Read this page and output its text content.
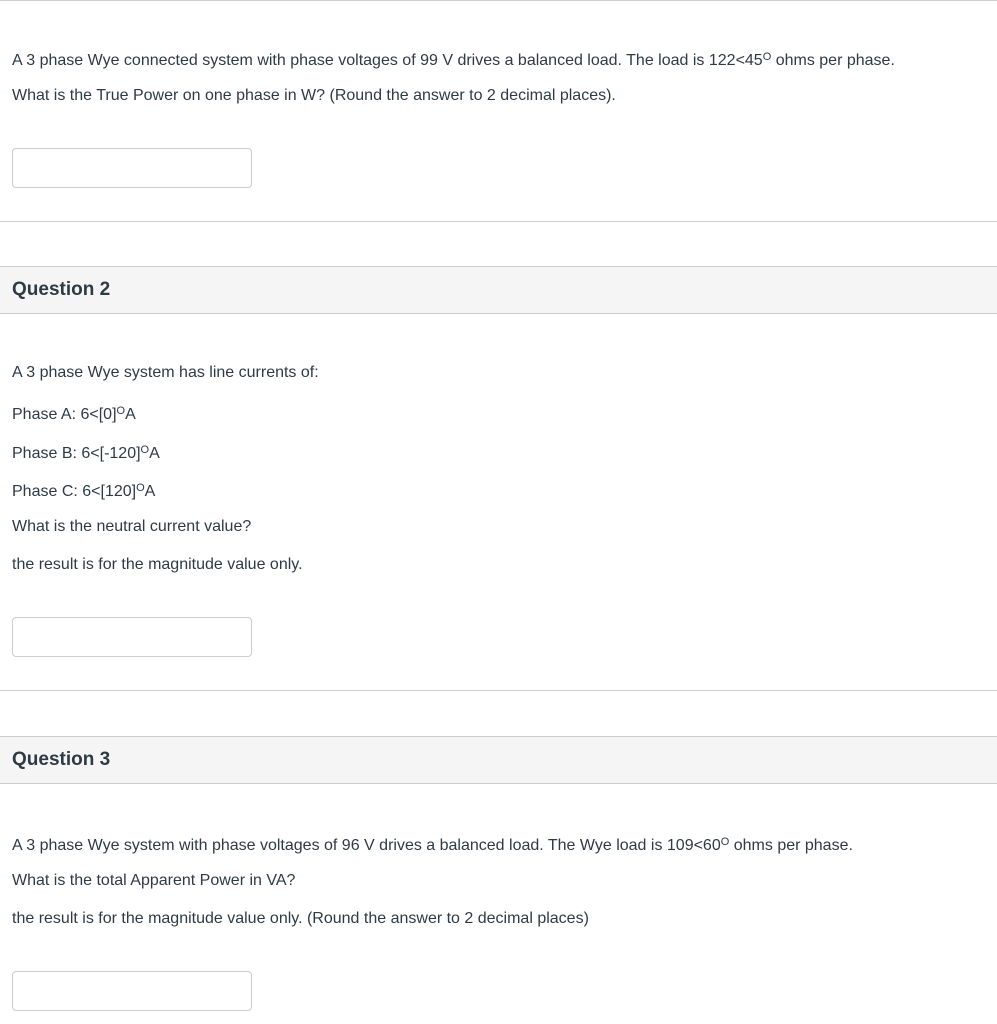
A 3 phase Wye connected system with phase voltages of 99 V drives a balanced load. The load is $122<45^O$ ohms per phase.
What is the True Power on one phase in W? (Round the answer to 2 decimal places).
Question 2
A 3 phase Wye system has line currents of:
Phase A: $6<[0]^OA$
Phase B: $6<[-120]^OA$
Phase C: $6<[120]^OA$
What is the neutral current value?
the result is for the magnitude value only.
Question 3
A 3 phase Wye system with phase voltages of 96 V drives a balanced load. The Wye load is $109<60^O$ ohms per phase.
What is the total Apparent Power in VA?
the result is for the magnitude value only. (Round the answer to 2 decimal places)
